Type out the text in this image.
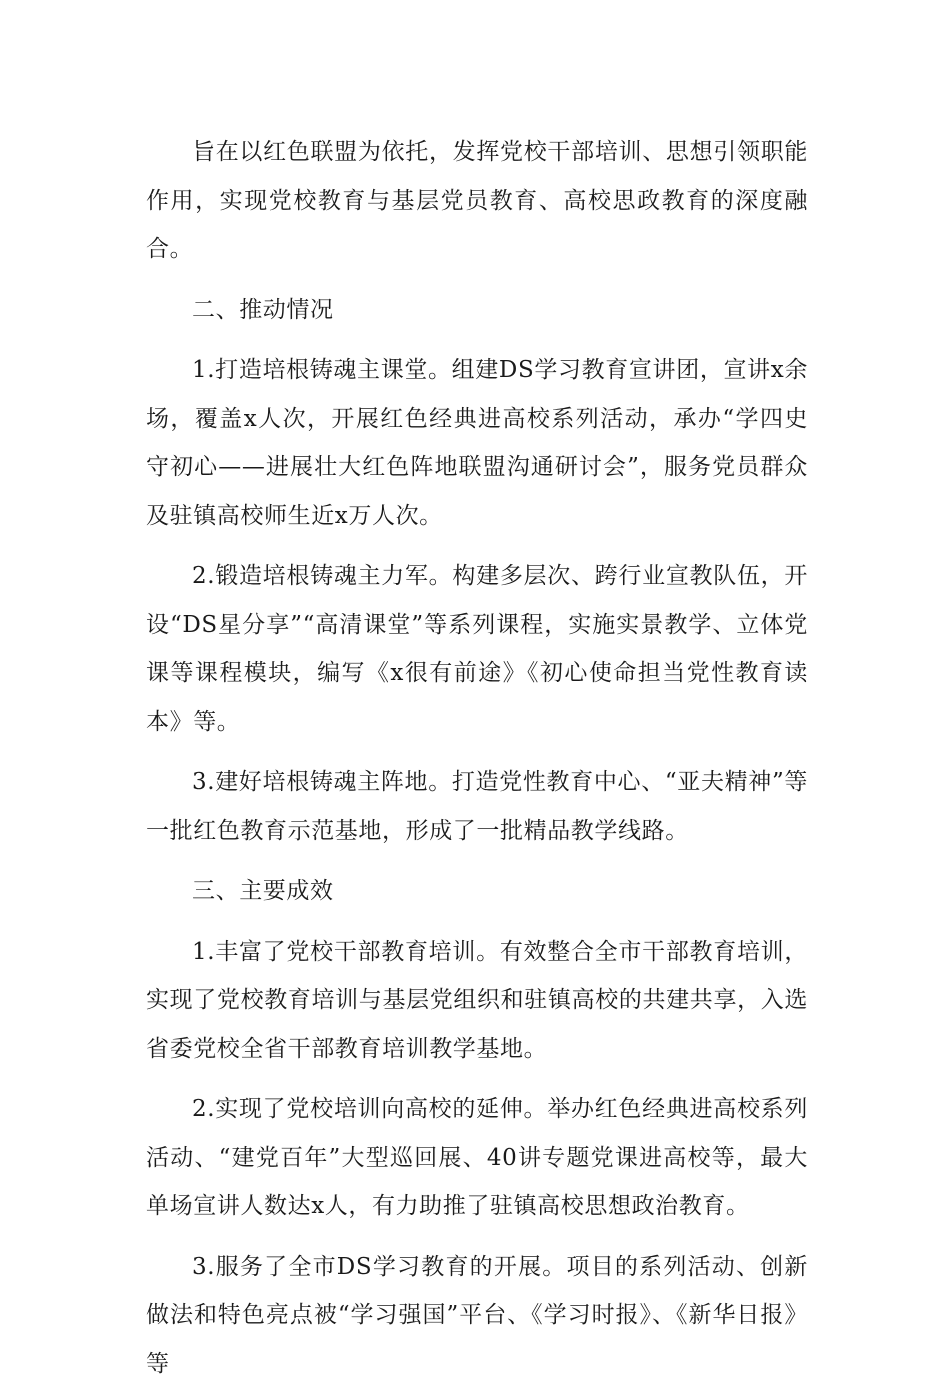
旨在以红色联盟为依托，发挥党校干部培训、思想引领职能作用，实现党校教育与基层党员教育、高校思政教育的深度融合。

二、推动情况

1.打造培根铸魂主课堂。组建DS学习教育宣讲团，宣讲x余场，覆盖x人次，开展红色经典进高校系列活动，承办“学四史守初心——进展壮大红色阵地联盟沟通研讨会”，服务党员群众及驻镇高校师生近x万人次。

2.锻造培根铸魂主力军。构建多层次、跨行业宣教队伍，开设“DS星分享”“高清课堂”等系列课程，实施实景教学、立体党课等课程模块，编写《x很有前途》《初心使命担当党性教育读本》等。

3.建好培根铸魂主阵地。打造党性教育中心、“亚夫精神”等一批红色教育示范基地，形成了一批精品教学线路。

三、主要成效

1.丰富了党校干部教育培训。有效整合全市干部教育培训，实现了党校教育培训与基层党组织和驻镇高校的共建共享，入选省委党校全省干部教育培训教学基地。

2.实现了党校培训向高校的延伸。举办红色经典进高校系列活动、“建党百年”大型巡回展、40讲专题党课进高校等，最大单场宣讲人数达x人，有力助推了驻镇高校思想政治教育。

3.服务了全市DS学习教育的开展。项目的系列活动、创新做法和特色亮点被“学习强国”平台、《学习时报》、《新华日报》等
